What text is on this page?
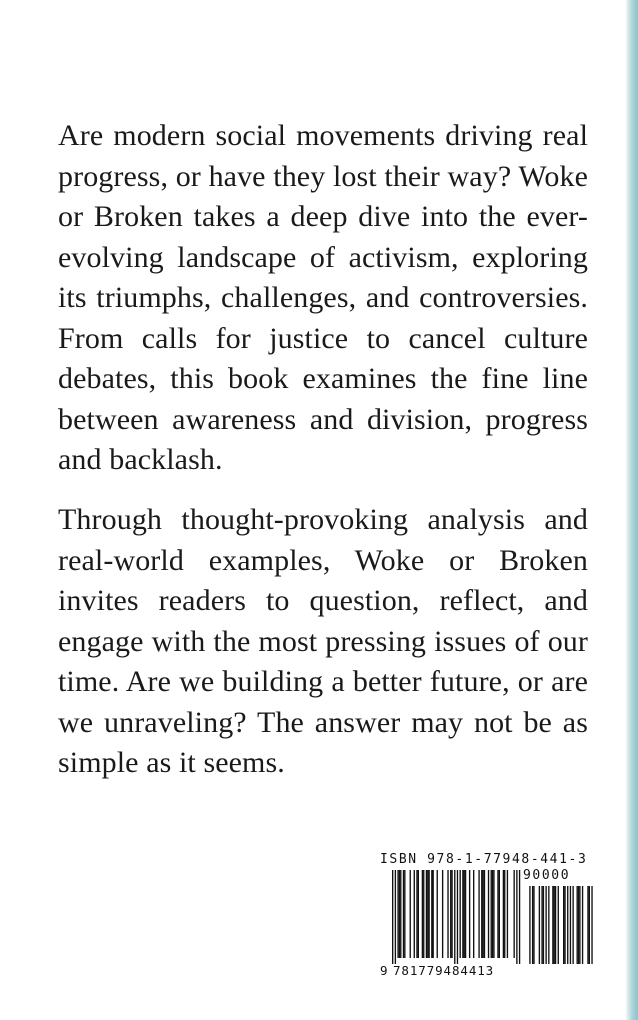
Are modern social movements driving real progress, or have they lost their way? Woke or Broken takes a deep dive into the ever-evolving landscape of activism, exploring its triumphs, challenges, and controversies. From calls for justice to cancel culture debates, this book examines the fine line between awareness and division, progress and backlash.

Through thought-provoking analysis and real-world examples, Woke or Broken invites readers to question, reflect, and engage with the most pressing issues of our time. Are we building a better future, or are we unraveling? The answer may not be as simple as it seems.

ISBN 978-1-77948-441-3
90000
9 781779484413
